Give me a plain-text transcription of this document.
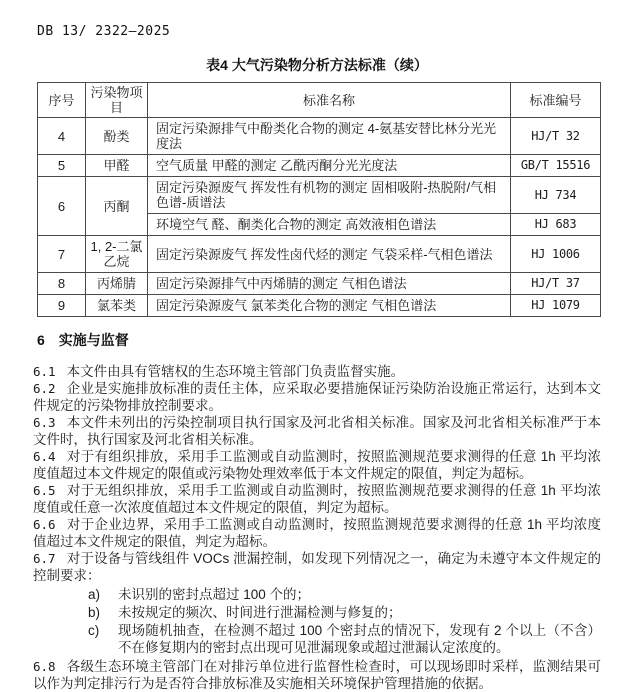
DB 13/ 2322—2025
表4 大气污染物分析方法标准（续）
序号	污染物项目	标准名称	标准编号
4	酚类	固定污染源排气中酚类化合物的测定 4-氨基安替比林分光光度法	HJ/T 32
5	甲醛	空气质量 甲醛的测定 乙酰丙酮分光光度法	GB/T 15516
6	丙酮	固定污染源废气 挥发性有机物的测定 固相吸附-热脱附/气相色谱-质谱法	HJ 734
		环境空气 醛、酮类化合物的测定 高效液相色谱法	HJ 683
7	1, 2-二氯乙烷	固定污染源废气 挥发性卤代烃的测定 气袋采样-气相色谱法	HJ 1006
8	丙烯腈	固定污染源排气中丙烯腈的测定 气相色谱法	HJ/T 37
9	氯苯类	固定污染源废气 氯苯类化合物的测定 气相色谱法	HJ 1079
6 实施与监督

6.1 本文件由具有管辖权的生态环境主管部门负责监督实施。

6.2 企业是实施排放标准的责任主体，应采取必要措施保证污染防治设施正常运行，达到本文件规定的污染物排放控制要求。

6.3 本文件未列出的污染控制项目执行国家及河北省相关标准。国家及河北省相关标准严于本文件时，执行国家及河北省相关标准。

6.4 对于有组织排放，采用手工监测或自动监测时，按照监测规范要求测得的任意 1h 平均浓度值超过本文件规定的限值或污染物处理效率低于本文件规定的限值，判定为超标。

6.5 对于无组织排放，采用手工监测或自动监测时，按照监测规范要求测得的任意 1h 平均浓度值或任意一次浓度值超过本文件规定的限值，判定为超标。

6.6 对于企业边界，采用手工监测或自动监测时，按照监测规范要求测得的任意 1h 平均浓度值超过本文件规定的限值，判定为超标。

6.7 对于设备与管线组件 VOCs 泄漏控制，如发现下列情况之一，确定为未遵守本文件规定的控制要求：

a)	未识别的密封点超过 100 个的；
b)	未按规定的频次、时间进行泄漏检测与修复的；
c)	现场随机抽查，在检测不超过 100 个密封点的情况下，发现有 2 个以上（不含）不在修复期内的密封点出现可见泄漏现象或超过泄漏认定浓度的。

6.8 各级生态环境主管部门在对排污单位进行监督性检查时，可以现场即时采样，监测结果可以作为判定排污行为是否符合排放标准及实施相关环境保护管理措施的依据。
